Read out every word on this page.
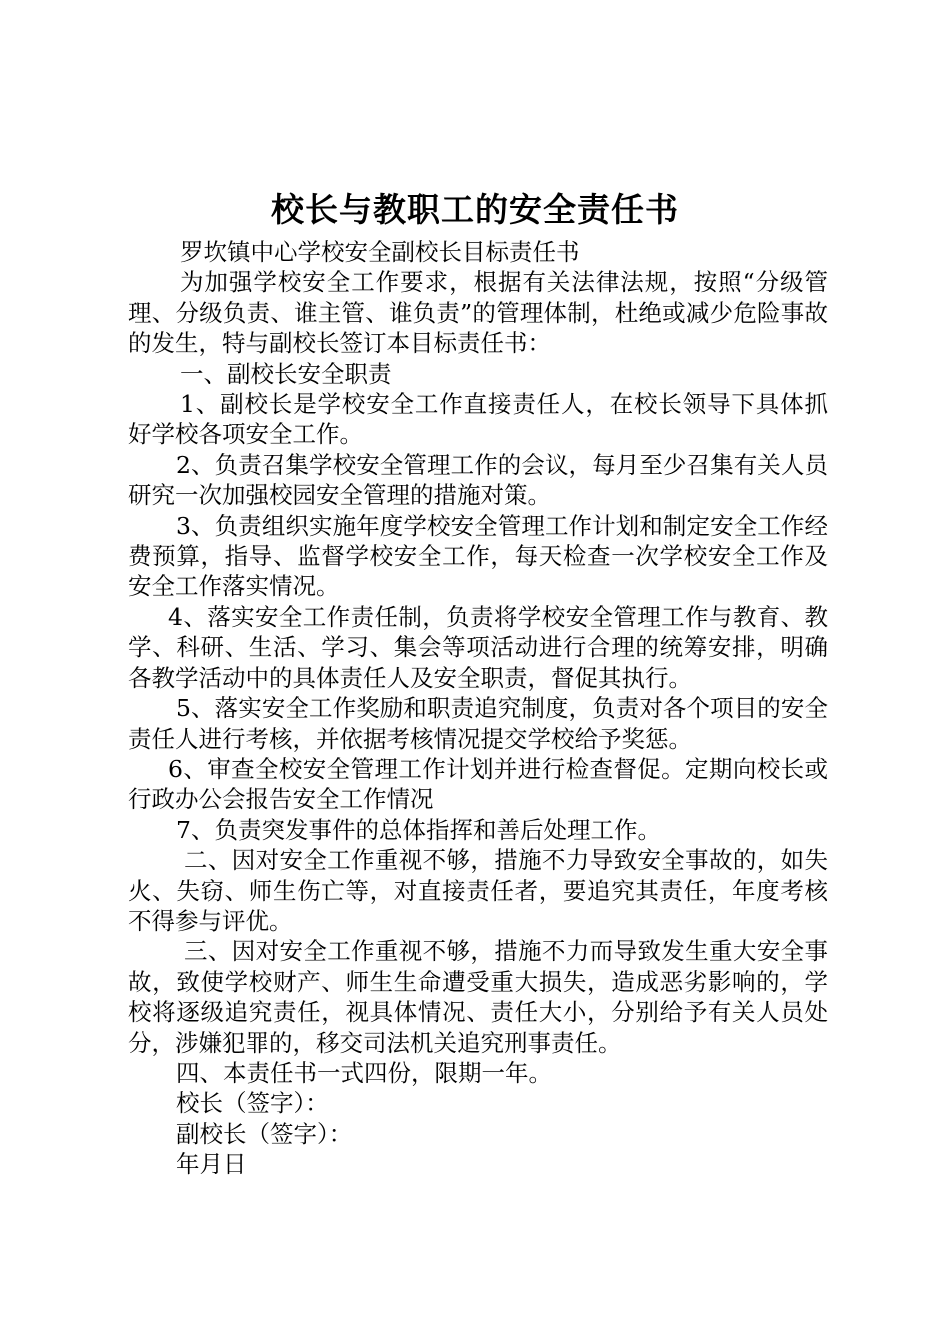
校长与教职工的安全责任书

罗坎镇中心学校安全副校长目标责任书

为加强学校安全工作要求，根据有关法律法规，按照“分级管理、分级负责、谁主管、谁负责”的管理体制，杜绝或减少危险事故的发生，特与副校长签订本目标责任书：

一、副校长安全职责

1、副校长是学校安全工作直接责任人，在校长领导下具体抓好学校各项安全工作。

2、负责召集学校安全管理工作的会议，每月至少召集有关人员研究一次加强校园安全管理的措施对策。

3、负责组织实施年度学校安全管理工作计划和制定安全工作经费预算，指导、监督学校安全工作，每天检查一次学校安全工作及安全工作落实情况。

4、落实安全工作责任制，负责将学校安全管理工作与教育、教学、科研、生活、学习、集会等项活动进行合理的统筹安排，明确各教学活动中的具体责任人及安全职责，督促其执行。

5、落实安全工作奖励和职责追究制度，负责对各个项目的安全责任人进行考核，并依据考核情况提交学校给予奖惩。

6、审查全校安全管理工作计划并进行检查督促。定期向校长或行政办公会报告安全工作情况

7、负责突发事件的总体指挥和善后处理工作。

二、因对安全工作重视不够，措施不力导致安全事故的，如失火、失窃、师生伤亡等，对直接责任者，要追究其责任，年度考核不得参与评优。

三、因对安全工作重视不够，措施不力而导致发生重大安全事故，致使学校财产、师生生命遭受重大损失，造成恶劣影响的，学校将逐级追究责任，视具体情况、责任大小，分别给予有关人员处分，涉嫌犯罪的，移交司法机关追究刑事责任。

四、本责任书一式四份，限期一年。

校长（签字）：

副校长（签字）：

年月日
